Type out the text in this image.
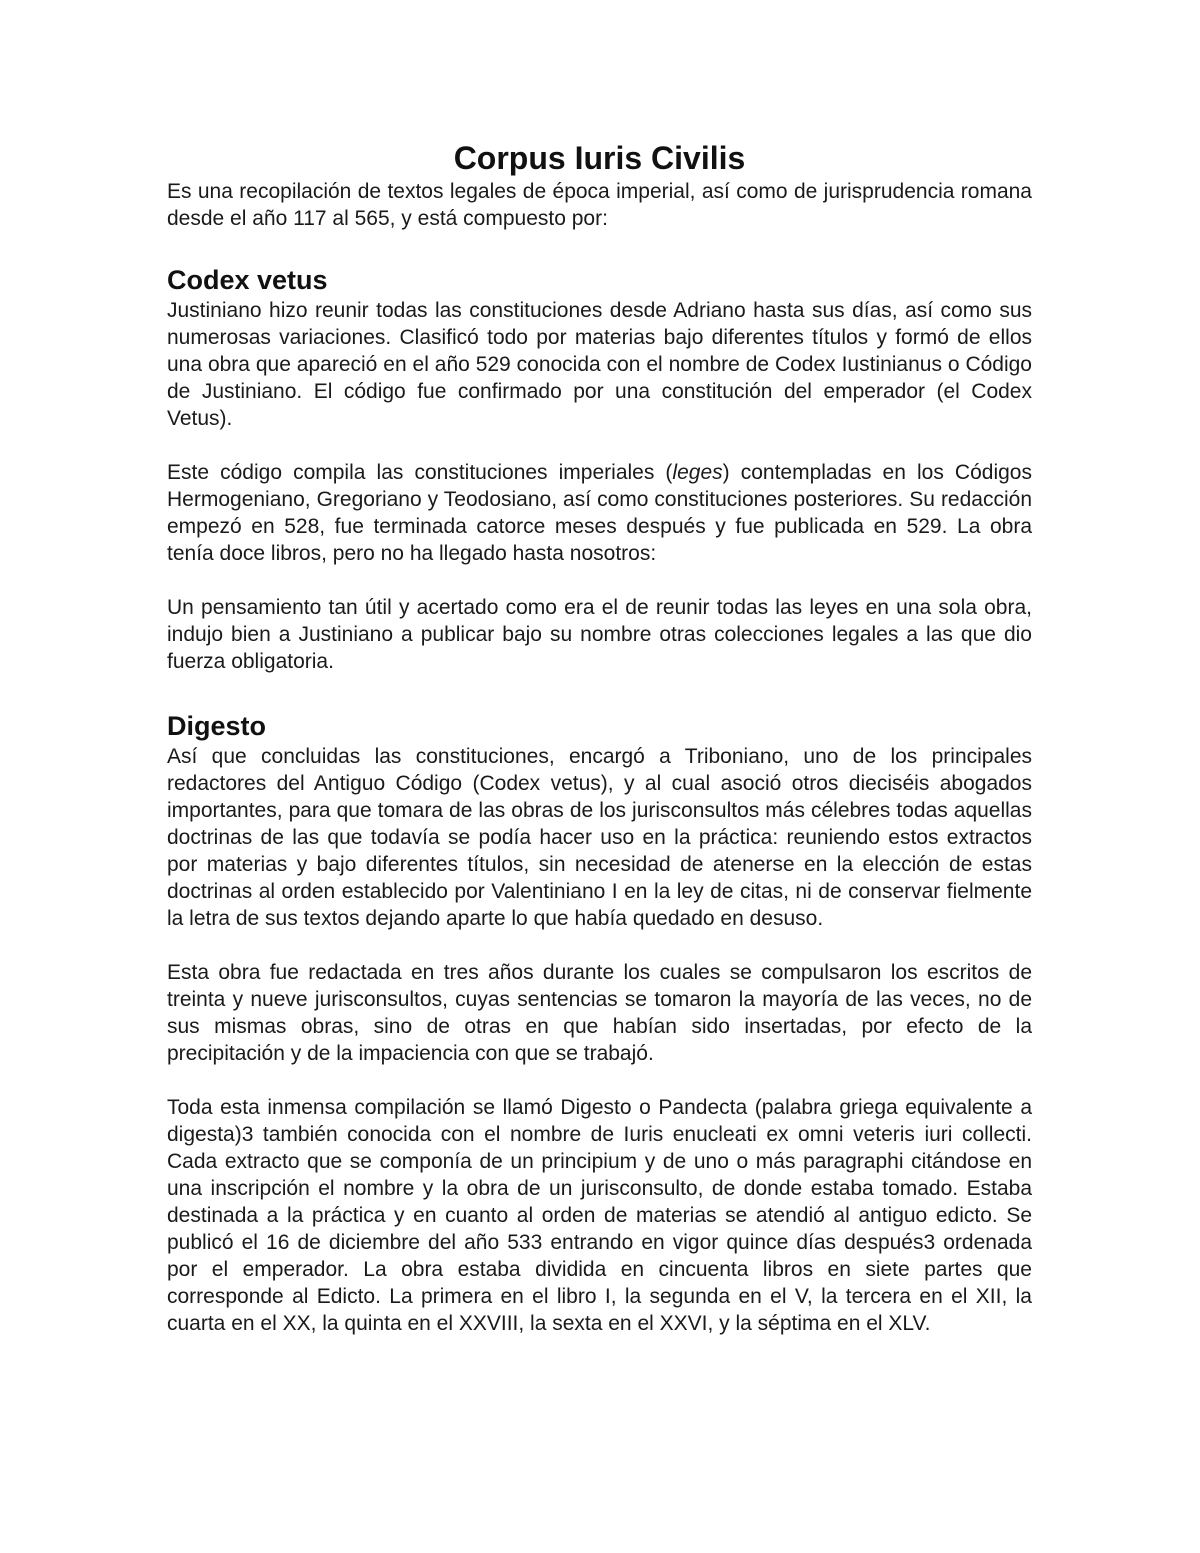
Corpus Iuris Civilis

Es una recopilación de textos legales de época imperial, así como de jurisprudencia romana desde el año 117 al 565, y está compuesto por:

Codex vetus

Justiniano hizo reunir todas las constituciones desde Adriano hasta sus días, así como sus numerosas variaciones. Clasificó todo por materias bajo diferentes títulos y formó de ellos una obra que apareció en el año 529 conocida con el nombre de Codex Iustinianus o Código de Justiniano. El código fue confirmado por una constitución del emperador (el Codex Vetus).

Este código compila las constituciones imperiales (leges) contempladas en los Códigos Hermogeniano, Gregoriano y Teodosiano, así como constituciones posteriores. Su redacción empezó en 528, fue terminada catorce meses después y fue publicada en 529. La obra tenía doce libros, pero no ha llegado hasta nosotros:

Un pensamiento tan útil y acertado como era el de reunir todas las leyes en una sola obra, indujo bien a Justiniano a publicar bajo su nombre otras colecciones legales a las que dio fuerza obligatoria.

Digesto

Así que concluidas las constituciones, encargó a Triboniano, uno de los principales redactores del Antiguo Código (Codex vetus), y al cual asoció otros dieciséis abogados importantes, para que tomara de las obras de los jurisconsultos más célebres todas aquellas doctrinas de las que todavía se podía hacer uso en la práctica: reuniendo estos extractos por materias y bajo diferentes títulos, sin necesidad de atenerse en la elección de estas doctrinas al orden establecido por Valentiniano I en la ley de citas, ni de conservar fielmente la letra de sus textos dejando aparte lo que había quedado en desuso.

Esta obra fue redactada en tres años durante los cuales se compulsaron los escritos de treinta y nueve jurisconsultos, cuyas sentencias se tomaron la mayoría de las veces, no de sus mismas obras, sino de otras en que habían sido insertadas, por efecto de la precipitación y de la impaciencia con que se trabajó.

Toda esta inmensa compilación se llamó Digesto o Pandecta (palabra griega equivalente a digesta)3 también conocida con el nombre de Iuris enucleati ex omni veteris iuri collecti. Cada extracto que se componía de un principium y de uno o más paragraphi citándose en una inscripción el nombre y la obra de un jurisconsulto, de donde estaba tomado. Estaba destinada a la práctica y en cuanto al orden de materias se atendió al antiguo edicto. Se publicó el 16 de diciembre del año 533 entrando en vigor quince días después3 ordenada por el emperador. La obra estaba dividida en cincuenta libros en siete partes que corresponde al Edicto. La primera en el libro I, la segunda en el V, la tercera en el XII, la cuarta en el XX, la quinta en el XXVIII, la sexta en el XXVI, y la séptima en el XLV.
